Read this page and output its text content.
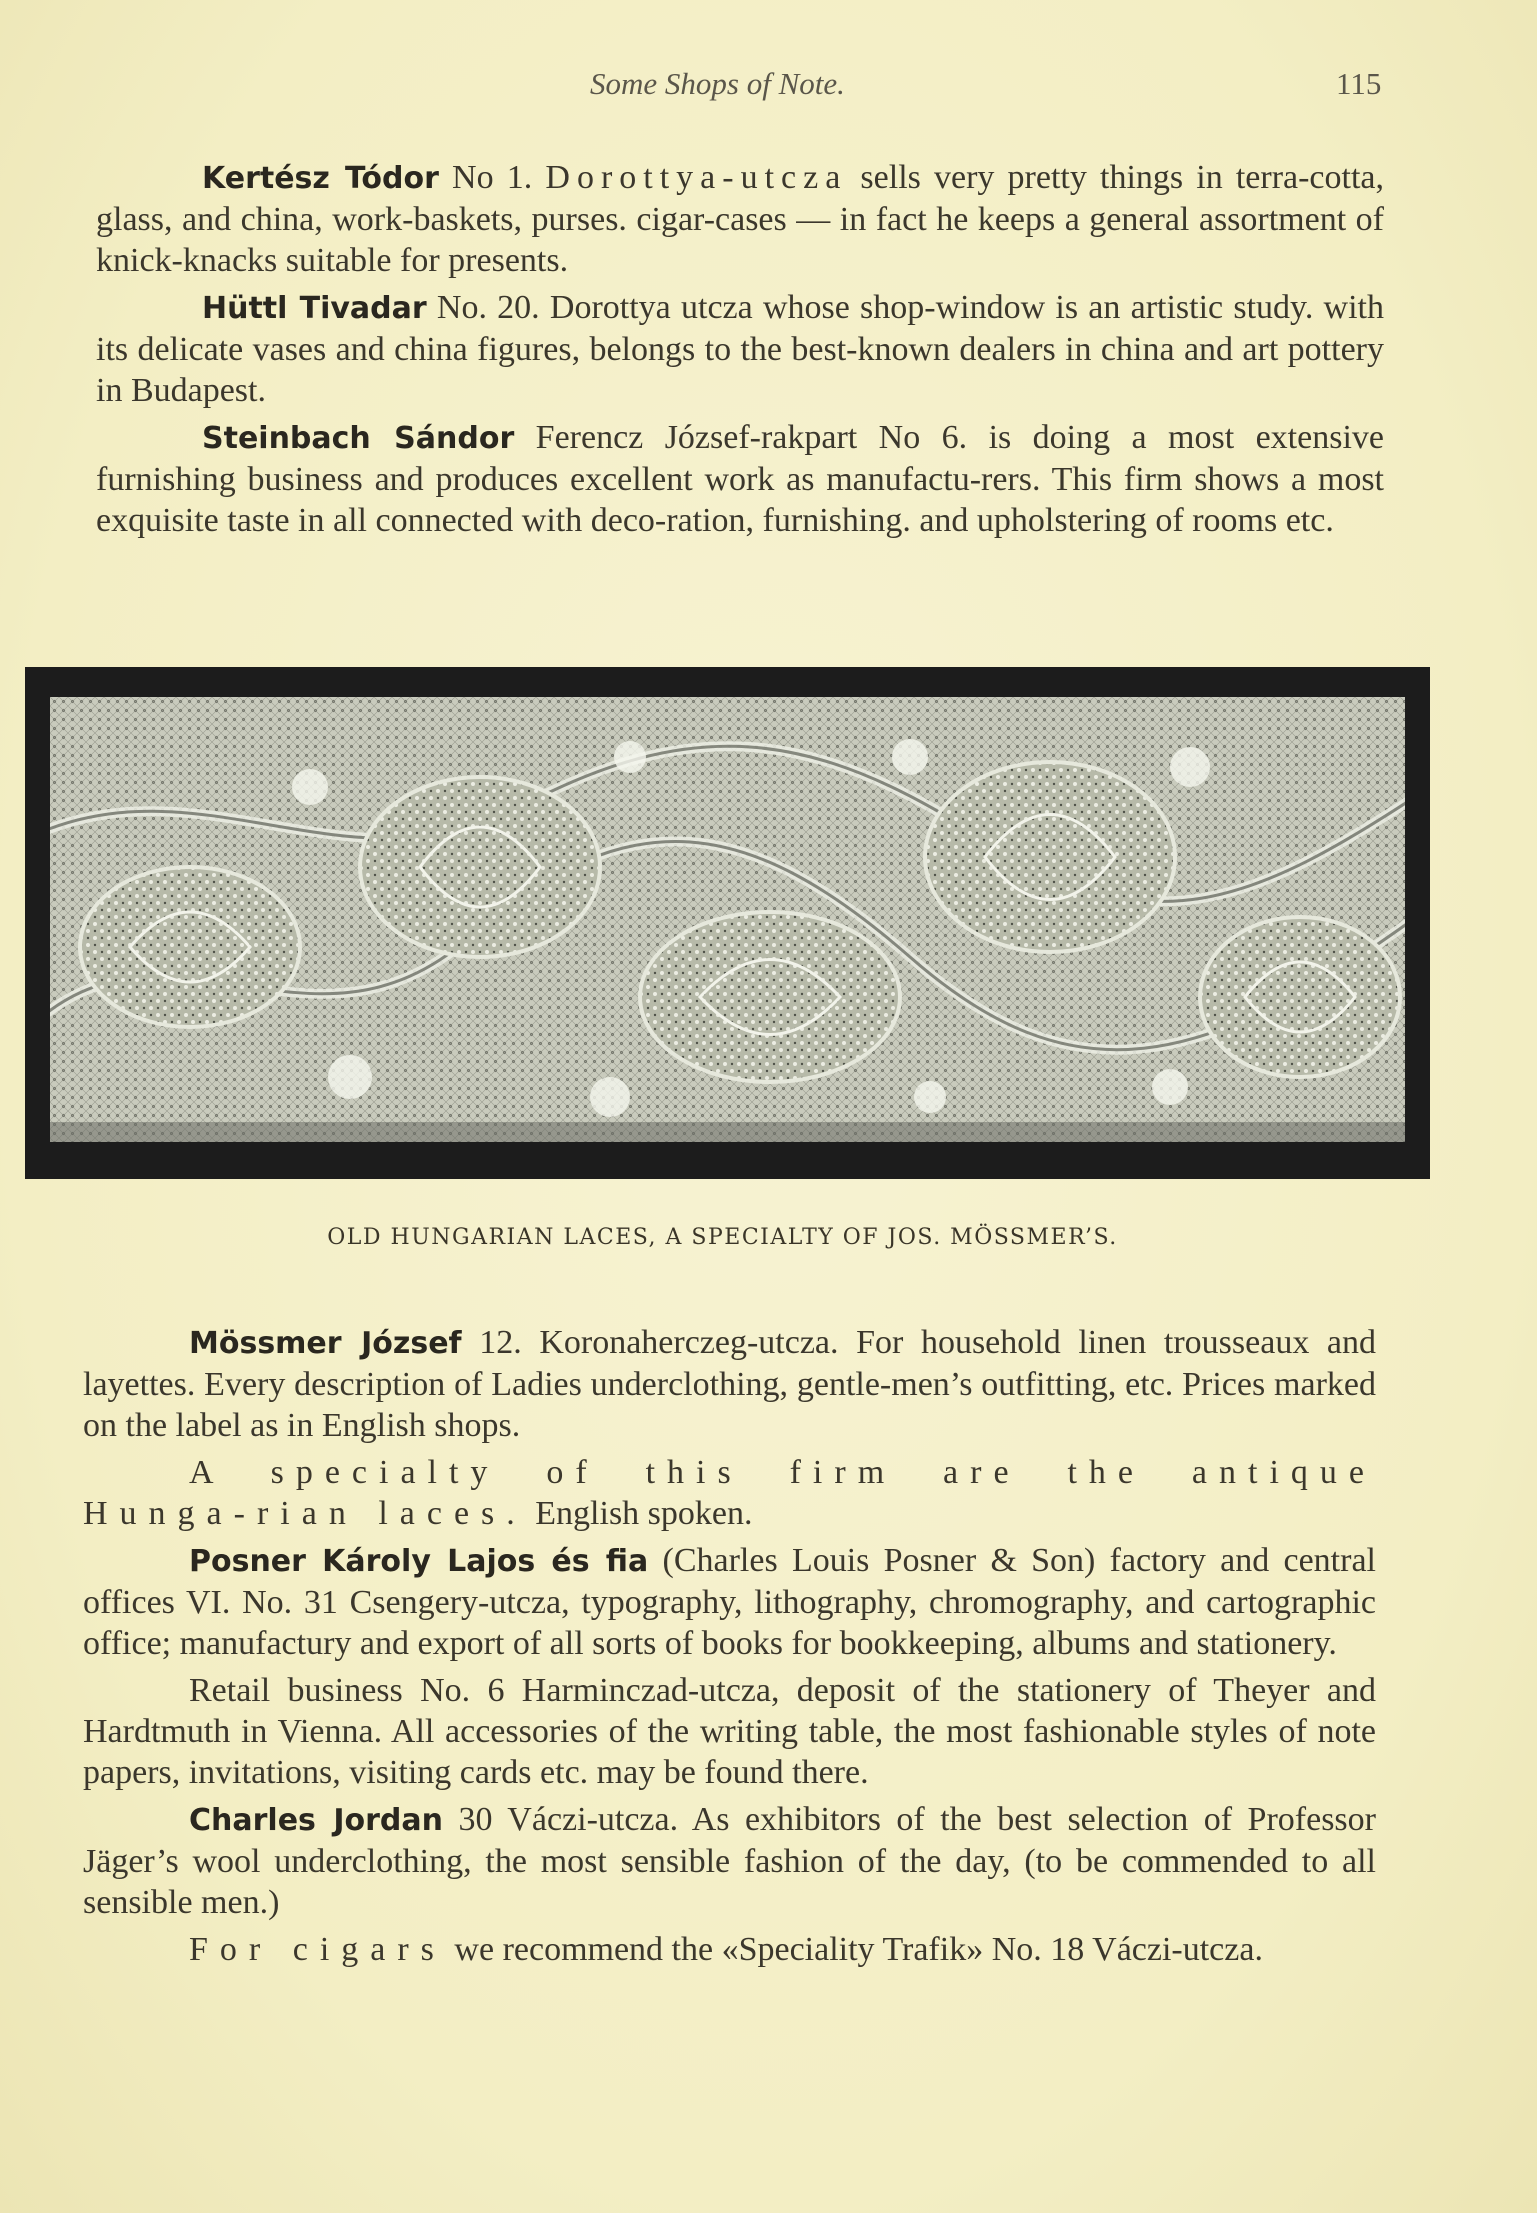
Some Shops of Note.	115

Kertész Tódor No 1. Dorottya-utcza sells very pretty things in terra-cotta, glass, and china, work-baskets, purses. cigar-cases — in fact he keeps a general assortment of knick-knacks suitable for presents.

Hüttl Tivadar No. 20. Dorottya utcza whose shop-window is an artistic study. with its delicate vases and china figures, belongs to the best-known dealers in china and art pottery in Budapest.

Steinbach Sándor Ferencz József-rakpart No 6. is doing a most extensive furnishing business and produces excellent work as manufactu-rers. This firm shows a most exquisite taste in all connected with deco-ration, furnishing. and upholstering of rooms etc.

OLD HUNGARIAN LACES, A SPECIALTY OF JOS. MÖSSMER’S.

Mössmer József 12. Koronaherczeg-utcza. For household linen trousseaux and layettes. Every description of Ladies underclothing, gentle-men’s outfitting, etc. Prices marked on the label as in English shops.

A specialty of this firm are the antique Hunga-rian laces. English spoken.

Posner Károly Lajos és fia (Charles Louis Posner & Son) factory and central offices VI. No. 31 Csengery-utcza, typography, lithography, chromography, and cartographic office; manufactury and export of all sorts of books for bookkeeping, albums and stationery.

Retail business No. 6 Harminczad-utcza, deposit of the stationery of Theyer and Hardtmuth in Vienna. All accessories of the writing table, the most fashionable styles of note papers, invitations, visiting cards etc. may be found there.

Charles Jordan 30 Váczi-utcza. As exhibitors of the best selection of Professor Jäger’s wool underclothing, the most sensible fashion of the day, (to be commended to all sensible men.)

For cigars we recommend the «Speciality Trafik» No. 18 Váczi-utcza.
